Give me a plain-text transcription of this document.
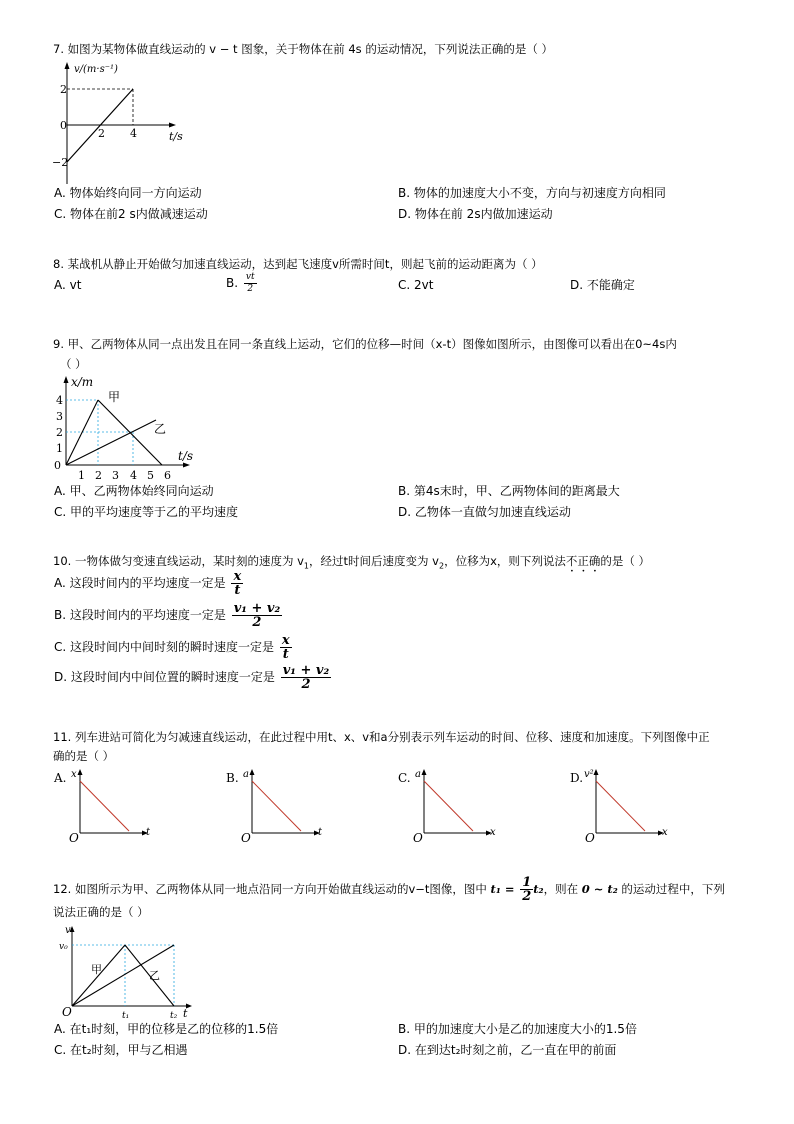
7. 如图为某物体做直线运动的 v − t 图象，关于物体在前 4s 的运动情况，下列说法正确的是（ ）
v/(m·s⁻¹)
2
0
−2
2 4	t/s
A. 物体始终向同一方向运动	B. 物体的加速度大小不变，方向与初速度方向相同
C. 物体在前2 s内做减速运动	D. 物体在前 2s内做加速运动
8. 某战机从静止开始做匀加速直线运动，达到起飞速度v所需时间t，则起飞前的运动距离为（ ）
A. vt	B. $\frac{vt}{2}$	C. 2vt	D. 不能确定
9. 甲、乙两物体从同一点出发且在同一条直线上运动，它们的位移—时间（x-t）图像如图所示，由图像可以看出在0~4s内
（ ）
x/m
4
3
2
1
0
1 2 3 4 5 6
t/s
甲
乙
A. 甲、乙两物体始终同向运动	B. 第4s末时，甲、乙两物体间的距离最大
C. 甲的平均速度等于乙的平均速度	D. 乙物体一直做匀加速直线运动
10. 一物体做匀变速直线运动，某时刻的速度为 $v_1$，经过t时间后速度变为 $v_2$，位移为x，则下列说法不正确的是（ ）
A. 这段时间内的平均速度一定是 $\frac{x}{t}$
B. 这段时间内的平均速度一定是 $\frac{\text{v₁ + v₂}}{2}$
C. 这段时间内中间时刻的瞬时速度一定是 $\frac{x}{t}$
D. 这段时间内中间位置的瞬时速度一定是 $\frac{\text{v₁ + v₂}}{2}$
11. 列车进站可简化为匀减速直线运动，在此过程中用t、x、v和a分别表示列车运动的时间、位移、速度和加速度。下列图像中正
确的是（ ）
A. x
t
O
B. a
t
O
C. a
x
O
D. v²
x
O
12. 如图所示为甲、乙两物体从同一地点沿同一方向开始做直线运动的v−t图像，图中 $t_1 = \frac{1}{2} t_2$，则在 0 ~ t₂ 的运动过程中，下列
说法正确的是（ ）
v
v₀
O	t₁	t₂ t
甲	乙
A. 在t₁时刻，甲的位移是乙的位移的1.5倍	B. 甲的加速度大小是乙的加速度大小的1.5倍
C. 在t₂时刻，甲与乙相遇	D. 在到达t₂时刻之前，乙一直在甲的前面
